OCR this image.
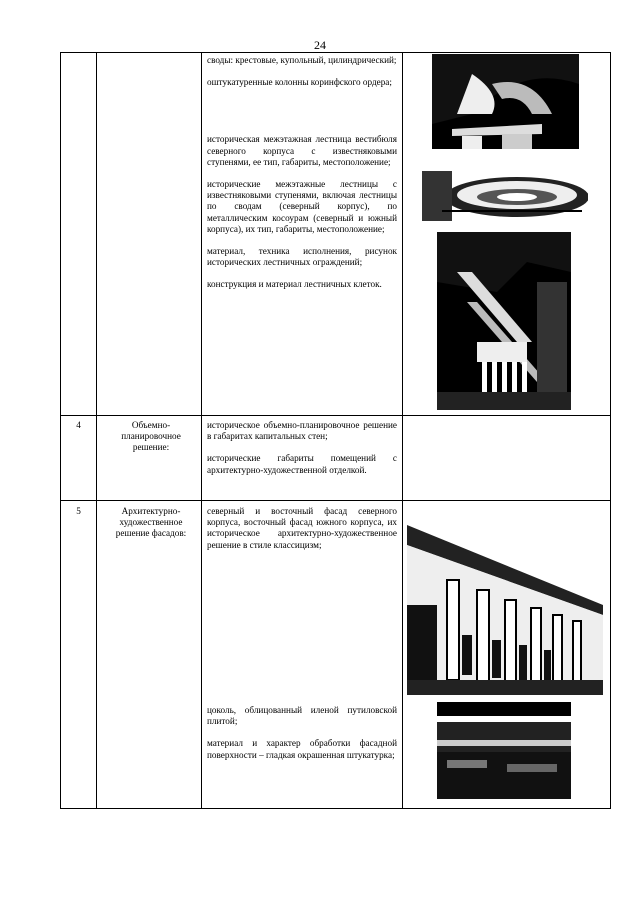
24

своды: крестовые, купольный, цилиндрический;

оштукатуренные колонны коринфского ордера;

историческая межэтажная лестница вестибюля северного корпуса с известняковыми ступенями, ее тип, габариты, местоположение;

исторические межэтажные лестницы с известняковыми ступенями, включая лестницы по сводам (северный корпус), по металлическим косоурам (северный и южный корпуса), их тип, габариты, местоположение;

материал, техника исполнения, рисунок исторических лестничных ограждений;

конструкция и материал лестничных клеток.

4	Объемно-планировочное решение:

историческое объемно-планировочное решение в габаритах капитальных стен;

исторические габариты помещений с архитектурно-художественной отделкой.

5	Архитектурно-художественное решение фасадов:

северный и восточный фасад северного корпуса, восточный фасад южного корпуса, их историческое архитектурно-художественное решение в стиле классицизм;

цоколь, облицованный иленой путиловской плитой;

материал и характер обработки фасадной поверхности – гладкая окрашенная штукатурка;
